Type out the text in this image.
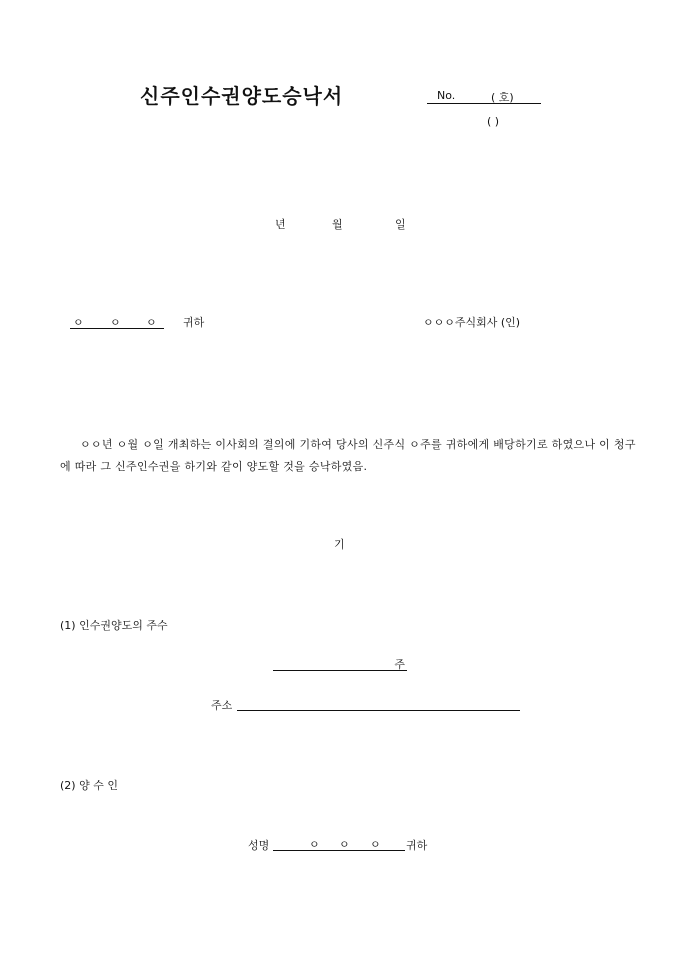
신주인수권양도승낙서	No.	( 호)
( )
년	월	일
ㅇ ㅇ ㅇ 귀하	ㅇㅇㅇ주식회사 (인)
ㅇㅇ년 ㅇ월 ㅇ일 개최하는 이사회의 결의에 기하여 당사의 신주식 ㅇ주를 귀하에게 배당하기로 하였으나 이 청구에 따라 그 신주인수권을 하기와 같이 양도할 것을 승낙하였음.
기
(1) 인수권양도의 주수
주
주소
(2) 양 수 인
성명	ㅇ ㅇ ㅇ 귀하
